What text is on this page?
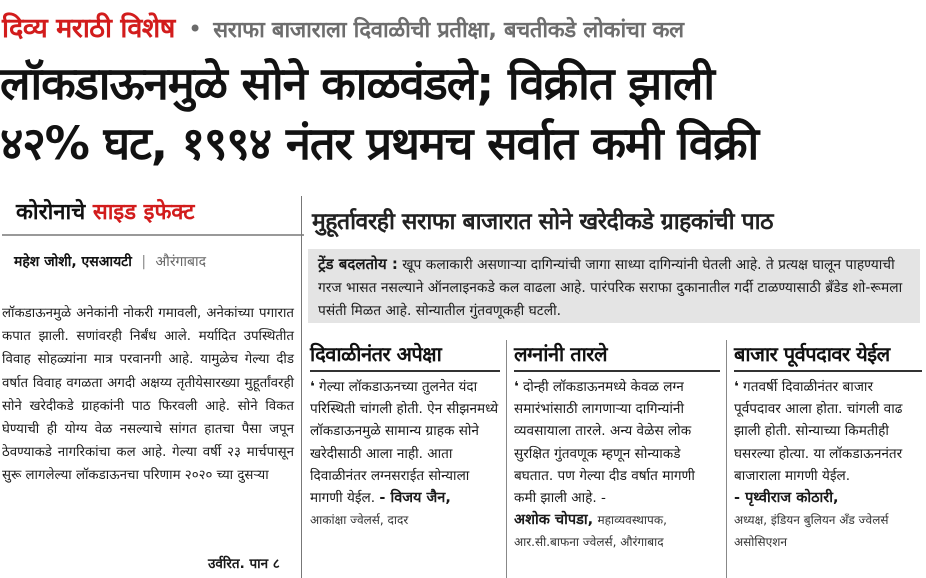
दिव्य मराठी विशेष • सराफा बाजाराला दिवाळीची प्रतीक्षा, बचतीकडे लोकांचा कल
लॉकडाऊनमुळे सोने काळवंडले; विक्रीत झाली
४२% घट, १९९४ नंतर प्रथमच सर्वात कमी विक्री
कोरोनाचे साइड इफेक्ट
महेश जोशी, एसआयटी | औरंगाबाद
लॉकडाऊनमुळे अनेकांनी नोकरी गमावली, अनेकांच्या पगारात कपात झाली. सणांवरही निर्बंध आले. मर्यादित उपस्थितीत विवाह सोहळ्यांना मात्र परवानगी आहे. यामुळेच गेल्या दीड वर्षात विवाह वगळता अगदी अक्षय्य तृतीयेसारख्या मुहूर्तांवरही सोने खरेदीकडे ग्राहकांनी पाठ फिरवली आहे. सोने विकत घेण्याची ही योग्य वेळ नसल्याचे सांगत हातचा पैसा जपून ठेवण्याकडे नागरिकांचा कल आहे. गेल्या वर्षी २३ मार्चपासून सुरू लागलेल्या लॉकडाऊनचा परिणाम २०२० च्या दुसऱ्या
उर्वरित. पान ८
मुहूर्तावरही सराफा बाजारात सोने खरेदीकडे ग्राहकांची पाठ
ट्रेंड बदलतोय : खूप कलाकारी असणाऱ्या दागिन्यांची जागा साध्या दागिन्यांनी घेतली आहे. ते प्रत्यक्ष घालून पाहण्याची गरज भासत नसल्याने ऑनलाइनकडे कल वाढला आहे. पारंपरिक सराफा दुकानातील गर्दी टाळण्यासाठी ब्रँडेड शो-रूमला पसंती मिळत आहे. सोन्यातील गुंतवणूकही घटली.
दिवाळीनंतर अपेक्षा

❛ गेल्या लॉकडाऊनच्या तुलनेत यंदा परिस्थिती चांगली होती. ऐन सीझनमध्ये लॉकडाऊनमुळे सामान्य ग्राहक सोने खरेदीसाठी आला नाही. आता दिवाळीनंतर लग्नसराईत सोन्याला मागणी येईल. - विजय जैन,
आकांक्षा ज्वेलर्स, दादर

लग्नांनी तारले

❛ दोन्ही लॉकडाऊनमध्ये केवळ लग्न समारंभांसाठी लागणाऱ्या दागिन्यांनी व्यवसायाला तारले. अन्य वेळेस लोक सुरक्षित गुंतवणूक म्हणून सोन्याकडे बघतात. पण गेल्या दीड वर्षात मागणी कमी झाली आहे. -
अशोक चोपडा, महाव्यवस्थापक, आर.सी.बाफना ज्वेलर्स, औरंगाबाद

बाजार पूर्वपदावर येईल

❛ गतवर्षी दिवाळीनंतर बाजार पूर्वपदावर आला होता. चांगली वाढ झाली होती. सोन्याच्या किमतीही घसरल्या होत्या. या लॉकडाऊननंतर बाजाराला मागणी येईल.
- पृथ्वीराज कोठारी,
अध्यक्ष, इंडियन बुलियन अँड ज्वेलर्स असोसिएशन
